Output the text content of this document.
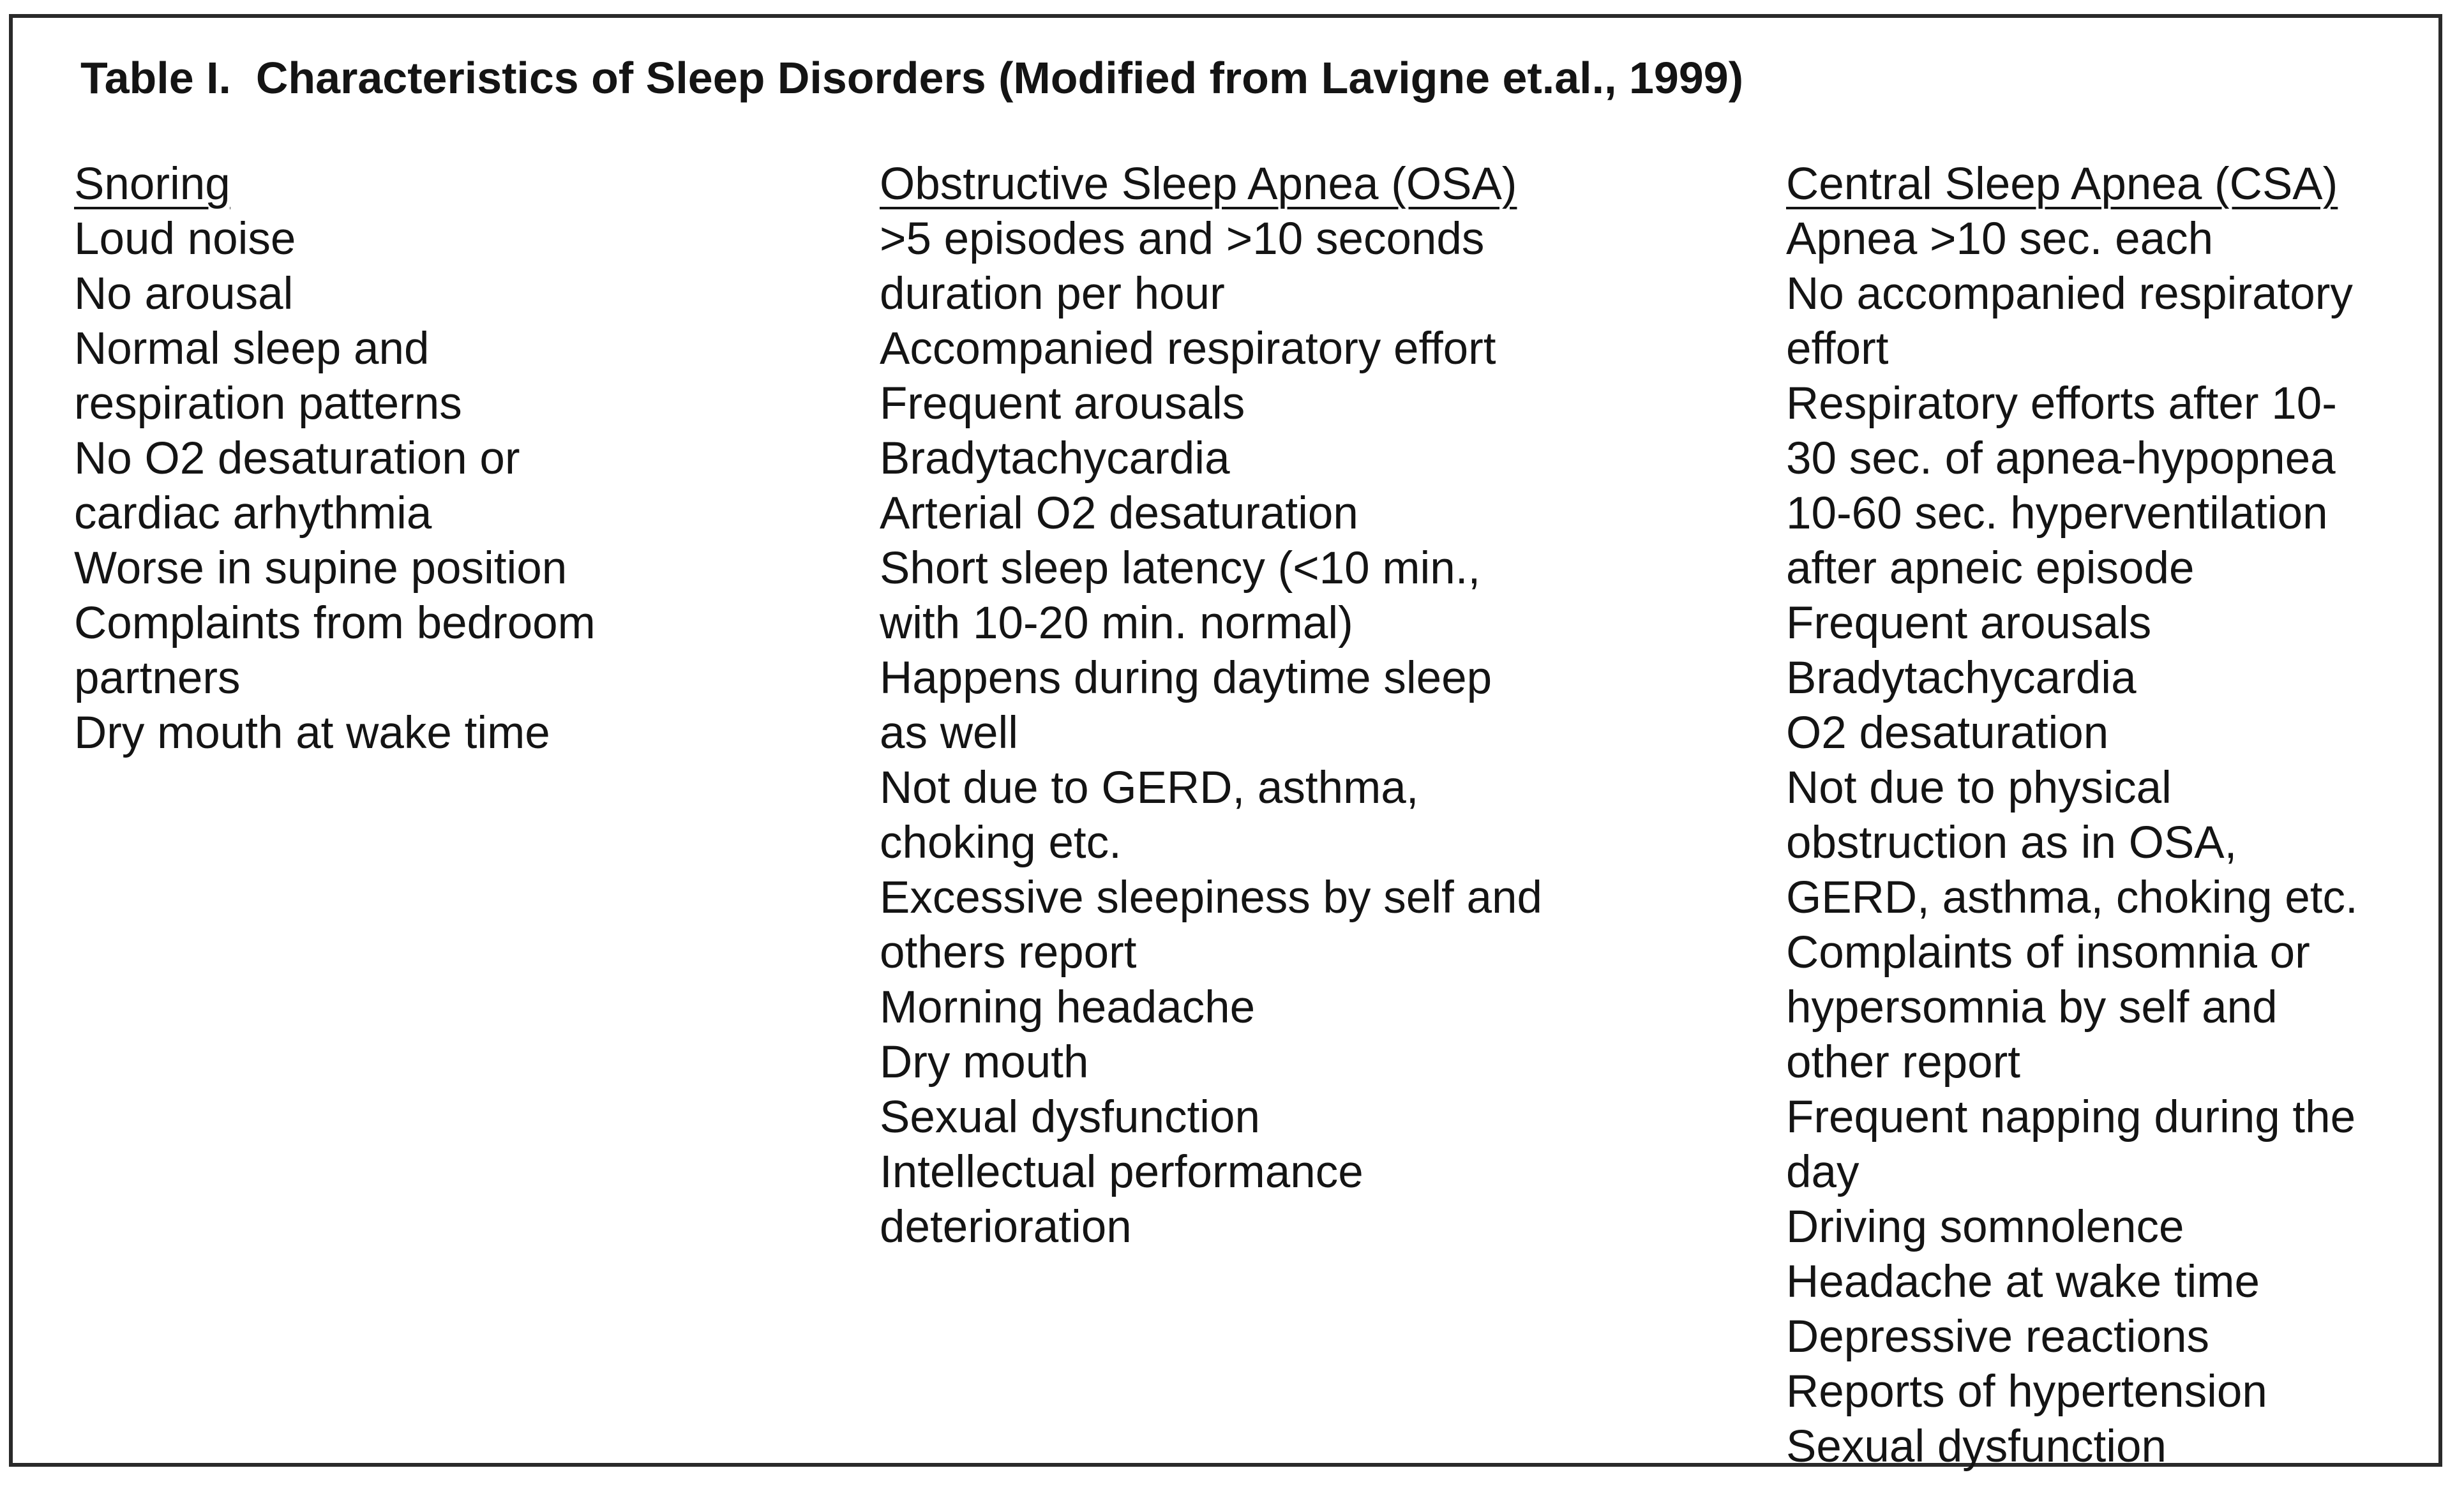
Table I.  Characteristics of Sleep Disorders (Modified from Lavigne et.al., 1999)
Snoring
Loud noise
No arousal
Normal sleep and
respiration patterns
No O2 desaturation or
cardiac arhythmia
Worse in supine position
Complaints from bedroom
partners
Dry mouth at wake time
Obstructive Sleep Apnea (OSA)
>5 episodes and >10 seconds
duration per hour
Accompanied respiratory effort
Frequent arousals
Bradytachycardia
Arterial O2 desaturation
Short sleep latency (<10 min.,
with 10-20 min. normal)
Happens during daytime sleep
as well
Not due to GERD, asthma,
choking etc.
Excessive sleepiness by self and
others report
Morning headache
Dry mouth
Sexual dysfunction
Intellectual performance
deterioration
Central Sleep Apnea (CSA)
Apnea >10 sec. each
No accompanied respiratory
effort
Respiratory efforts after 10-
30 sec. of apnea-hypopnea
10-60 sec. hyperventilation
after apneic episode
Frequent arousals
Bradytachycardia
O2 desaturation
Not due to physical
obstruction as in OSA,
GERD, asthma, choking etc.
Complaints of insomnia or
hypersomnia by self and
other report
Frequent napping during the
day
Driving somnolence
Headache at wake time
Depressive reactions
Reports of hypertension
Sexual dysfunction
